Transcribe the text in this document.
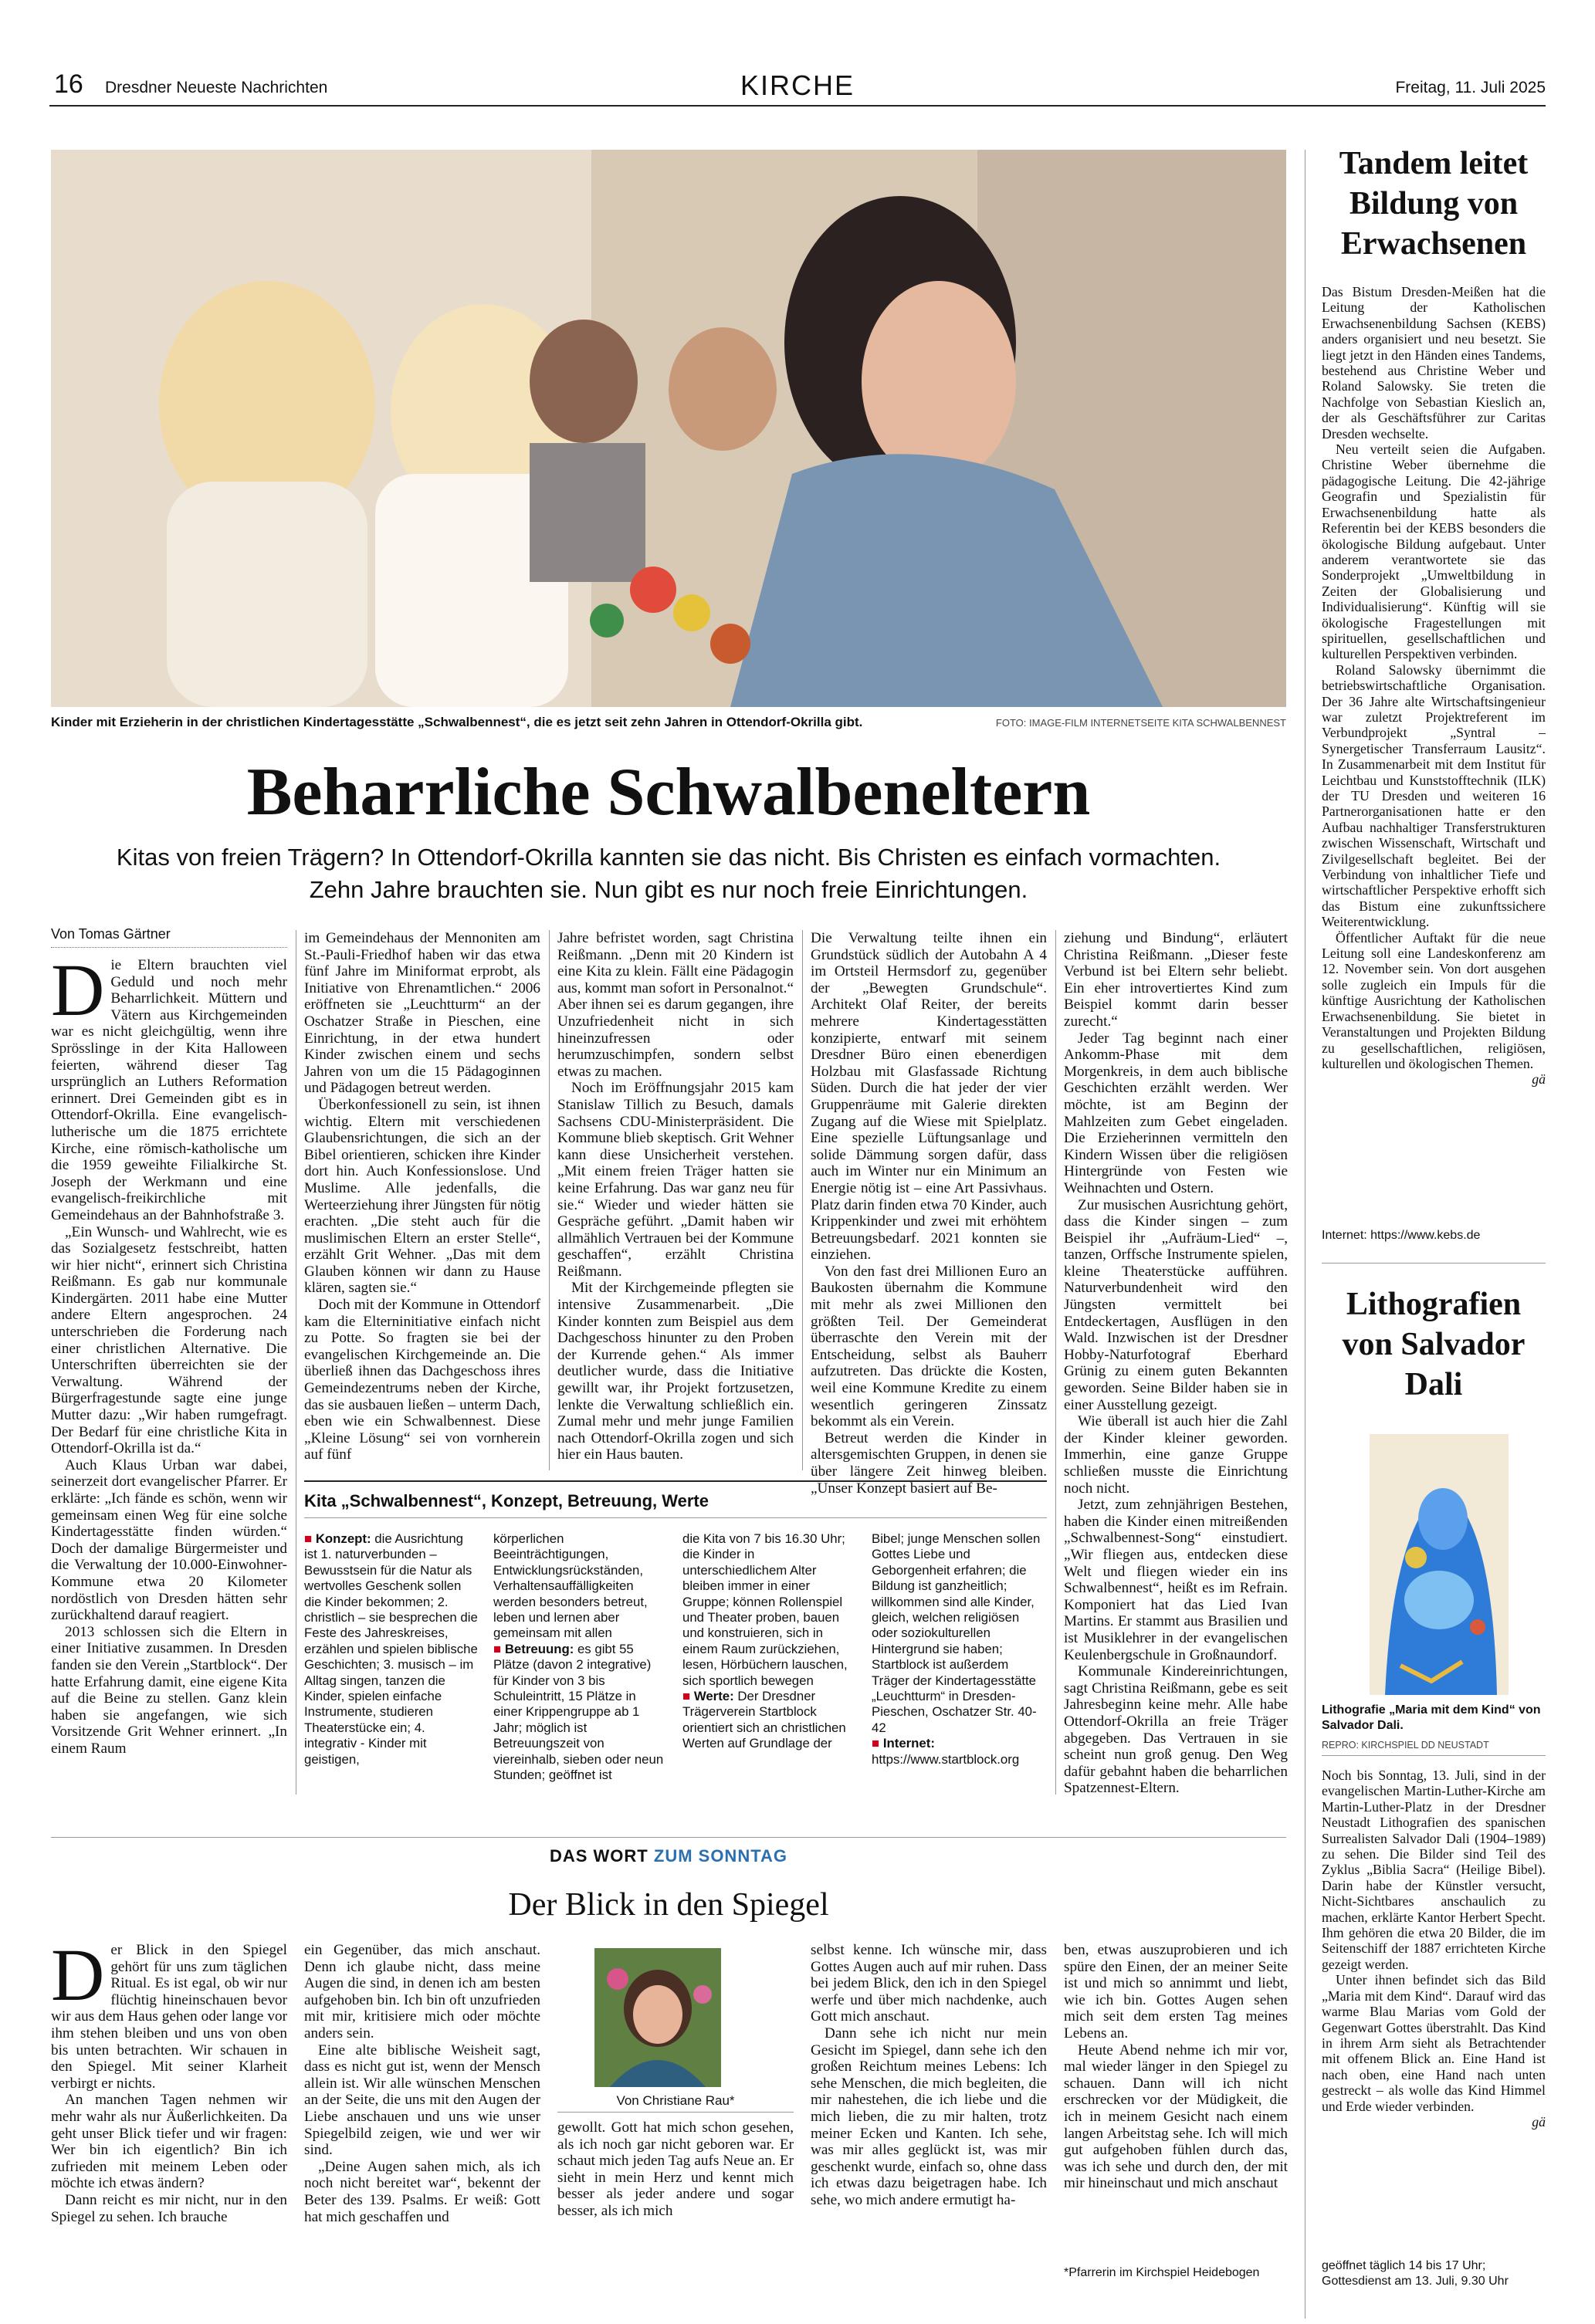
16 Dresdner Neueste Nachrichten	KIRCHE	Freitag, 11. Juli 2025
Kinder mit Erzieherin in der christlichen Kindertagesstätte „Schwalbennest“, die es jetzt seit zehn Jahren in Ottendorf-Okrilla gibt.	FOTO: IMAGE-FILM INTERNETSEITE KITA SCHWALBENNEST
Beharrliche Schwalbeneltern
Kitas von freien Trägern? In Ottendorf-Okrilla kannten sie das nicht. Bis Christen es einfach vormachten. Zehn Jahre brauchten sie. Nun gibt es nur noch freie Einrichtungen.
Von Tomas Gärtner
D ie Eltern brauchten viel Geduld und noch mehr Beharrlichkeit. Müttern und Vätern aus Kirchgemeinden war es nicht gleichgültig, wenn ihre Sprösslinge in der Kita Halloween feierten, während dieser Tag ursprünglich an Luthers Reformation erinnert. Drei Gemeinden gibt es in Ottendorf-Okrilla. Eine evangelisch-lutherische um die 1875 errichtete Kirche, eine römisch-katholische um die 1959 geweihte Filialkirche St. Joseph der Werkmann und eine evangelisch-freikirchliche mit Gemeindehaus an der Bahnhofstraße 3.

„Ein Wunsch- und Wahlrecht, wie es das Sozialgesetz festschreibt, hatten wir hier nicht“, erinnert sich Christina Reißmann. Es gab nur kommunale Kindergärten. 2011 habe eine Mutter andere Eltern angesprochen. 24 unterschrieben die Forderung nach einer christlichen Alternative. Die Unterschriften überreichten sie der Verwaltung. Während der Bürgerfragestunde sagte eine junge Mutter dazu: „Wir haben rumgefragt. Der Bedarf für eine christliche Kita in Ottendorf-Okrilla ist da.“

Auch Klaus Urban war dabei, seinerzeit dort evangelischer Pfarrer. Er erklärte: „Ich fände es schön, wenn wir gemeinsam einen Weg für eine solche Kindertagesstätte finden würden.“ Doch der damalige Bürgermeister und die Verwaltung der 10.000-Einwohner-Kommune etwa 20 Kilometer nordöstlich von Dresden hätten sehr zurückhaltend darauf reagiert.

2013 schlossen sich die Eltern in einer Initiative zusammen. In Dresden fanden sie den Verein „Startblock“. Der hatte Erfahrung damit, eine eigene Kita auf die Beine zu stellen. Ganz klein haben sie angefangen, wie sich Vorsitzende Grit Wehner erinnert. „In einem Raum

im Gemeindehaus der Mennoniten am St.-Pauli-Friedhof haben wir das etwa fünf Jahre im Miniformat erprobt, als Initiative von Ehrenamtlichen.“ 2006 eröffneten sie „Leuchtturm“ an der Oschatzer Straße in Pieschen, eine Einrichtung, in der etwa hundert Kinder zwischen einem und sechs Jahren von um die 15 Pädagoginnen und Pädagogen betreut werden.

Überkonfessionell zu sein, ist ihnen wichtig. Eltern mit verschiedenen Glaubensrichtungen, die sich an der Bibel orientieren, schicken ihre Kinder dort hin. Auch Konfessionslose. Und Muslime. Alle jedenfalls, die Werteerziehung ihrer Jüngsten für nötig erachten. „Die steht auch für die muslimischen Eltern an erster Stelle“, erzählt Grit Wehner. „Das mit dem Glauben können wir dann zu Hause klären, sagten sie.“

Doch mit der Kommune in Ottendorf kam die Elterninitiative einfach nicht zu Potte. So fragten sie bei der evangelischen Kirchgemeinde an. Die überließ ihnen das Dachgeschoss ihres Gemeindezentrums neben der Kirche, das sie ausbauen ließen – unterm Dach, eben wie ein Schwalbennest. Diese „Kleine Lösung“ sei von vornherein auf fünf

Jahre befristet worden, sagt Christina Reißmann. „Denn mit 20 Kindern ist eine Kita zu klein. Fällt eine Pädagogin aus, kommt man sofort in Personalnot.“ Aber ihnen sei es darum gegangen, ihre Unzufriedenheit nicht in sich hineinzufressen oder herumzuschimpfen, sondern selbst etwas zu machen.

Noch im Eröffnungsjahr 2015 kam Stanislaw Tillich zu Besuch, damals Sachsens CDU-Ministerpräsident. Die Kommune blieb skeptisch. Grit Wehner kann diese Unsicherheit verstehen. „Mit einem freien Träger hatten sie keine Erfahrung. Das war ganz neu für sie.“ Wieder und wieder hätten sie Gespräche geführt. „Damit haben wir allmählich Vertrauen bei der Kommune geschaffen“, erzählt Christina Reißmann.

Mit der Kirchgemeinde pflegten sie intensive Zusammenarbeit. „Die Kinder konnten zum Beispiel aus dem Dachgeschoss hinunter zu den Proben der Kurrende gehen.“ Als immer deutlicher wurde, dass die Initiative gewillt war, ihr Projekt fortzusetzen, lenkte die Verwaltung schließlich ein. Zumal mehr und mehr junge Familien nach Ottendorf-Okrilla zogen und sich hier ein Haus bauten.

Die Verwaltung teilte ihnen ein Grundstück südlich der Autobahn A 4 im Ortsteil Hermsdorf zu, gegenüber der „Bewegten Grundschule“. Architekt Olaf Reiter, der bereits mehrere Kindertagesstätten konzipierte, entwarf mit seinem Dresdner Büro einen ebenerdigen Holzbau mit Glasfassade Richtung Süden. Durch die hat jeder der vier Gruppenräume mit Galerie direkten Zugang auf die Wiese mit Spielplatz. Eine spezielle Lüftungsanlage und solide Dämmung sorgen dafür, dass auch im Winter nur ein Minimum an Energie nötig ist – eine Art Passivhaus. Platz darin finden etwa 70 Kinder, auch Krippenkinder und zwei mit erhöhtem Betreuungsbedarf. 2021 konnten sie einziehen.

Von den fast drei Millionen Euro an Baukosten übernahm die Kommune mit mehr als zwei Millionen den größten Teil. Der Gemeinderat überraschte den Verein mit der Entscheidung, selbst als Bauherr aufzutreten. Das drückte die Kosten, weil eine Kommune Kredite zu einem wesentlich geringeren Zinssatz bekommt als ein Verein.

Betreut werden die Kinder in altersgemischten Gruppen, in denen sie über längere Zeit hinweg bleiben. „Unser Konzept basiert auf Be-

ziehung und Bindung“, erläutert Christina Reißmann. „Dieser feste Verbund ist bei Eltern sehr beliebt. Ein eher introvertiertes Kind zum Beispiel kommt darin besser zurecht.“

Jeder Tag beginnt nach einer Ankomm-Phase mit dem Morgenkreis, in dem auch biblische Geschichten erzählt werden. Wer möchte, ist am Beginn der Mahlzeiten zum Gebet eingeladen. Die Erzieherinnen vermitteln den Kindern Wissen über die religiösen Hintergründe von Festen wie Weihnachten und Ostern.

Zur musischen Ausrichtung gehört, dass die Kinder singen – zum Beispiel ihr „Aufräum-Lied“ –, tanzen, Orffsche Instrumente spielen, kleine Theaterstücke aufführen. Naturverbundenheit wird den Jüngsten vermittelt bei Entdeckertagen, Ausflügen in den Wald. Inzwischen ist der Dresdner Hobby-Naturfotograf Eberhard Grünig zu einem guten Bekannten geworden. Seine Bilder haben sie in einer Ausstellung gezeigt.

Wie überall ist auch hier die Zahl der Kinder kleiner geworden. Immerhin, eine ganze Gruppe schließen musste die Einrichtung noch nicht.

Jetzt, zum zehnjährigen Bestehen, haben die Kinder einen mitreißenden „Schwalbennest-Song“ einstudiert. „Wir fliegen aus, entdecken diese Welt und fliegen wieder ein ins Schwalbennest“, heißt es im Refrain. Komponiert hat das Lied Ivan Martins. Er stammt aus Brasilien und ist Musiklehrer in der evangelischen Keulenbergschule in Großnaundorf.

Kommunale Kindereinrichtungen, sagt Christina Reißmann, gebe es seit Jahresbeginn keine mehr. Alle habe Ottendorf-Okrilla an freie Träger abgegeben. Das Vertrauen in sie scheint nun groß genug. Den Weg dafür gebahnt haben die beharrlichen Spatzennest-Eltern.

Kita „Schwalbennest“, Konzept, Betreuung, Werte
■ Konzept: die Ausrichtung ist 1. naturverbunden – Bewusstsein für die Natur als wertvolles Geschenk sollen die Kinder bekommen; 2. christlich – sie besprechen die Feste des Jahreskreises, erzählen und spielen biblische Geschichten; 3. musisch – im Alltag singen, tanzen die Kinder, spielen einfache Instrumente, studieren Theaterstücke ein; 4. integrativ - Kinder mit geistigen,
körperlichen Beeinträchtigungen, Entwicklungsrückständen, Verhaltensauffälligkeiten werden besonders betreut, leben und lernen aber gemeinsam mit allen
■ Betreuung: es gibt 55 Plätze (davon 2 integrative) für Kinder von 3 bis Schuleintritt, 15 Plätze in einer Krippengruppe ab 1 Jahr; möglich ist Betreuungszeit von viereinhalb, sieben oder neun Stunden; geöffnet ist
die Kita von 7 bis 16.30 Uhr; die Kinder in unterschiedlichem Alter bleiben immer in einer Gruppe; können Rollenspiel und Theater proben, bauen und konstruieren, sich in einem Raum zurückziehen, lesen, Hörbüchern lauschen, sich sportlich bewegen
■ Werte: Der Dresdner Trägerverein Startblock orientiert sich an christlichen Werten auf Grundlage der
Bibel; junge Menschen sollen Gottes Liebe und Geborgenheit erfahren; die Bildung ist ganzheitlich; willkommen sind alle Kinder, gleich, welchen religiösen oder soziokulturellen Hintergrund sie haben; Startblock ist außerdem Träger der Kindertagesstätte „Leuchtturm“ in Dresden-Pieschen, Oschatzer Str. 40-42
■ Internet: https://www.startblock.org
DAS WORT ZUM SONNTAG
Der Blick in den Spiegel
D er Blick in den Spiegel gehört für uns zum täglichen Ritual. Es ist egal, ob wir nur flüchtig hineinschauen bevor wir aus dem Haus gehen oder lange vor ihm stehen bleiben und uns von oben bis unten betrachten. Wir schauen in den Spiegel. Mit seiner Klarheit verbirgt er nichts.

An manchen Tagen nehmen wir mehr wahr als nur Äußerlichkeiten. Da geht unser Blick tiefer und wir fragen: Wer bin ich eigentlich? Bin ich zufrieden mit meinem Leben oder möchte ich etwas ändern?

Dann reicht es mir nicht, nur in den Spiegel zu sehen. Ich brauche

ein Gegenüber, das mich anschaut. Denn ich glaube nicht, dass meine Augen die sind, in denen ich am besten aufgehoben bin. Ich bin oft unzufrieden mit mir, kritisiere mich oder möchte anders sein.

Eine alte biblische Weisheit sagt, dass es nicht gut ist, wenn der Mensch allein ist. Wir alle wünschen Menschen an der Seite, die uns mit den Augen der Liebe anschauen und uns wie unser Spiegelbild zeigen, wie und wer wir sind.

„Deine Augen sahen mich, als ich noch nicht bereitet war“, bekennt der Beter des 139. Psalms. Er weiß: Gott hat mich geschaffen und

Von Christiane Rau*

gewollt. Gott hat mich schon gesehen, als ich noch gar nicht geboren war. Er schaut mich jeden Tag aufs Neue an. Er sieht in mein Herz und kennt mich besser als jeder andere und sogar besser, als ich mich

selbst kenne. Ich wünsche mir, dass Gottes Augen auch auf mir ruhen. Dass bei jedem Blick, den ich in den Spiegel werfe und über mich nachdenke, auch Gott mich anschaut.

Dann sehe ich nicht nur mein Gesicht im Spiegel, dann sehe ich den großen Reichtum meines Lebens: Ich sehe Menschen, die mich begleiten, die mir nahestehen, die ich liebe und die mich lieben, die zu mir halten, trotz meiner Ecken und Kanten. Ich sehe, was mir alles geglückt ist, was mir geschenkt wurde, einfach so, ohne dass ich etwas dazu beigetragen habe. Ich sehe, wo mich andere ermutigt ha-

ben, etwas auszuprobieren und ich spüre den Einen, der an meiner Seite ist und mich so annimmt und liebt, wie ich bin. Gottes Augen sehen mich seit dem ersten Tag meines Lebens an.

Heute Abend nehme ich mir vor, mal wieder länger in den Spiegel zu schauen. Dann will ich nicht erschrecken vor der Müdigkeit, die ich in meinem Gesicht nach einem langen Arbeitstag sehe. Ich will mich gut aufgehoben fühlen durch das, was ich sehe und durch den, der mit mir hineinschaut und mich anschaut

*Pfarrerin im Kirchspiel Heidebogen
Tandem leitet Bildung von Erwachsenen

Das Bistum Dresden-Meißen hat die Leitung der Katholischen Erwachsenenbildung Sachsen (KEBS) anders organisiert und neu besetzt. Sie liegt jetzt in den Händen eines Tandems, bestehend aus Christine Weber und Roland Salowsky. Sie treten die Nachfolge von Sebastian Kieslich an, der als Geschäftsführer zur Caritas Dresden wechselte.

Neu verteilt seien die Aufgaben. Christine Weber übernehme die pädagogische Leitung. Die 42-jährige Geografin und Spezialistin für Erwachsenenbildung hatte als Referentin bei der KEBS besonders die ökologische Bildung aufgebaut. Unter anderem verantwortete sie das Sonderprojekt „Umweltbildung in Zeiten der Globalisierung und Individualisierung“. Künftig will sie ökologische Fragestellungen mit spirituellen, gesellschaftlichen und kulturellen Perspektiven verbinden.

Roland Salowsky übernimmt die betriebswirtschaftliche Organisation. Der 36 Jahre alte Wirtschaftsingenieur war zuletzt Projektreferent im Verbundprojekt „Syntral – Synergetischer Transferraum Lausitz“. In Zusammenarbeit mit dem Institut für Leichtbau und Kunststofftechnik (ILK) der TU Dresden und weiteren 16 Partnerorganisationen hatte er den Aufbau nachhaltiger Transferstrukturen zwischen Wissenschaft, Wirtschaft und Zivilgesellschaft begleitet. Bei der Verbindung von inhaltlicher Tiefe und wirtschaftlicher Perspektive erhofft sich das Bistum eine zukunftssichere Weiterentwicklung.

Öffentlicher Auftakt für die neue Leitung soll eine Landeskonferenz am 12. November sein. Von dort ausgehen solle zugleich ein Impuls für die künftige Ausrichtung der Katholischen Erwachsenenbildung. Sie bietet in Veranstaltungen und Projekten Bildung zu gesellschaftlichen, religiösen, kulturellen und ökologischen Themen.

gä
Internet: https://www.kebs.de
Lithografien von Salvador Dali
Lithografie „Maria mit dem Kind“ von Salvador Dali.
REPRO: KIRCHSPIEL DD NEUSTADT

Noch bis Sonntag, 13. Juli, sind in der evangelischen Martin-Luther-Kirche am Martin-Luther-Platz in der Dresdner Neustadt Lithografien des spanischen Surrealisten Salvador Dali (1904–1989) zu sehen. Die Bilder sind Teil des Zyklus „Biblia Sacra“ (Heilige Bibel). Darin habe der Künstler versucht, Nicht-Sichtbares anschaulich zu machen, erklärte Kantor Herbert Specht. Ihm gehören die etwa 20 Bilder, die im Seitenschiff der 1887 errichteten Kirche gezeigt werden.

Unter ihnen befindet sich das Bild „Maria mit dem Kind“. Darauf wird das warme Blau Marias vom Gold der Gegenwart Gottes überstrahlt. Das Kind in ihrem Arm sieht als Betrachtender mit offenem Blick an. Eine Hand ist nach oben, eine Hand nach unten gestreckt – als wolle das Kind Himmel und Erde wieder verbinden.

gä
geöffnet täglich 14 bis 17 Uhr; Gottesdienst am 13. Juli, 9.30 Uhr
